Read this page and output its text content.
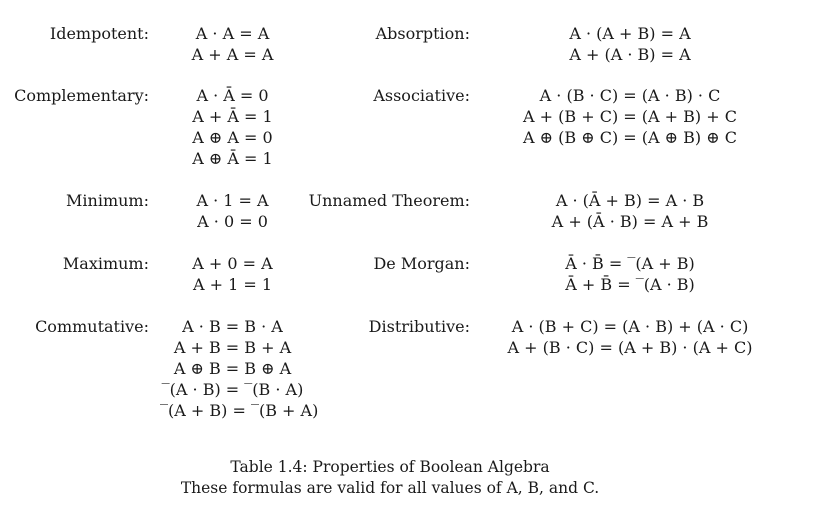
Idempotent:
Complementary:
Minimum:
Maximum:
Commutative:
Absorption:
Associative:
Unnamed Theorem:
De Morgan:
Distributive:
A · A = A
A + A = A
A · Ā = 0
A + Ā = 1
A ⊕ A = 0
A ⊕ Ā = 1
A · 1 = A
A · 0 = 0
A + 0 = A
A + 1 = 1
A · B = B · A
A + B = B + A
A ⊕ B = B ⊕ A
‾(A · B) = ‾(B · A)
‾(A + B) = ‾(B + A)
A · (A + B) = A
A + (A · B) = A
A · (B · C) = (A · B) · C
A + (B + C) = (A + B) + C
A ⊕ (B ⊕ C) = (A ⊕ B) ⊕ C
A · (Ā + B) = A · B
A + (Ā · B) = A + B
Ā · B̄ = ‾(A + B)
Ā + B̄ = ‾(A · B)
A · (B + C) = (A · B) + (A · C)
A + (B · C) = (A + B) · (A + C)
Table 1.4: Properties of Boolean Algebra
These formulas are valid for all values of A, B, and C.
